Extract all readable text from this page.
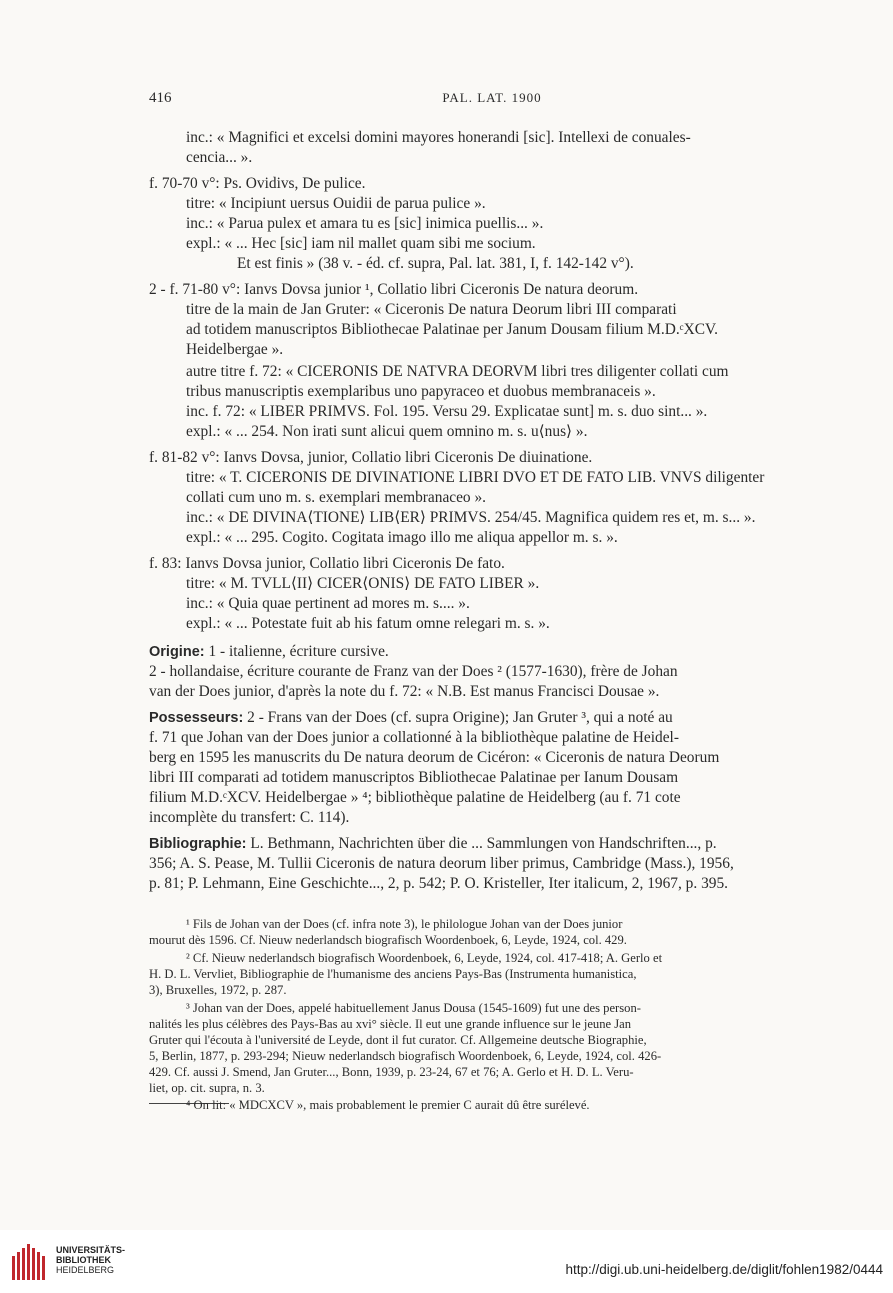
416	PAL. LAT. 1900
inc.: « Magnifici et excelsi domini mayores honerandi [sic]. Intellexi de conuales-
cencia... ».
f. 70-70 v°: Ps. Ovidivs, De pulice.
titre: « Incipiunt uersus Ouidii de parua pulice ».
inc.: « Parua pulex et amara tu es [sic] inimica puellis... ».
expl.: « ... Hec [sic] iam nil mallet quam sibi me socium.
Et est finis » (38 v. - éd. cf. supra, Pal. lat. 381, I, f. 142-142 v°).
2 - f. 71-80 v°: Ianvs Dovsa junior ¹, Collatio libri Ciceronis De natura deorum.
titre de la main de Jan Gruter: « Ciceronis De natura Deorum libri III comparati
ad totidem manuscriptos Bibliothecae Palatinae per Janum Dousam filium M.D.ᶜXCV.
Heidelbergae ».
autre titre f. 72: « CICERONIS DE NATVRA DEORVM libri tres diligenter collati cum
tribus manuscriptis exemplaribus uno papyraceo et duobus membranaceis ».
inc. f. 72: « LIBER PRIMVS. Fol. 195. Versu 29. Explicatae sunt] m. s. duo sint... ».
expl.: « ... 254. Non irati sunt alicui quem omnino m. s. u⟨nus⟩ ».
f. 81-82 v°: Ianvs Dovsa, junior, Collatio libri Ciceronis De diuinatione.
titre: « T. CICERONIS DE DIVINATIONE LIBRI DVO ET DE FATO LIB. VNVS diligenter
collati cum uno m. s. exemplari membranaceo ».
inc.: « DE DIVINA⟨TIONE⟩ LIB⟨ER⟩ PRIMVS. 254/45. Magnifica quidem res et, m. s... ».
expl.: « ... 295. Cogito. Cogitata imago illo me aliqua appellor m. s. ».
f. 83: Ianvs Dovsa junior, Collatio libri Ciceronis De fato.
titre: « M. TVLL⟨II⟩ CICER⟨ONIS⟩ DE FATO LIBER ».
inc.: « Quia quae pertinent ad mores m. s.... ».
expl.: « ... Potestate fuit ab his fatum omne relegari m. s. ».
Origine: 1 - italienne, écriture cursive.
2 - hollandaise, écriture courante de Franz van der Does ² (1577-1630), frère de Johan
van der Does junior, d'après la note du f. 72: « N.B. Est manus Francisci Dousae ».
Possesseurs: 2 - Frans van der Does (cf. supra Origine); Jan Gruter ³, qui a noté au
f. 71 que Johan van der Does junior a collationné à la bibliothèque palatine de Heidel-
berg en 1595 les manuscrits du De natura deorum de Cicéron: « Ciceronis de natura Deorum
libri III comparati ad totidem manuscriptos Bibliothecae Palatinae per Ianum Dousam
filium M.D.ᶜXCV. Heidelbergae » ⁴; bibliothèque palatine de Heidelberg (au f. 71 cote
incomplète du transfert: C. 114).
Bibliographie: L. Bethmann, Nachrichten über die ... Sammlungen von Handschriften..., p.
356; A. S. Pease, M. Tullii Ciceronis de natura deorum liber primus, Cambridge (Mass.), 1956,
p. 81; P. Lehmann, Eine Geschichte..., 2, p. 542; P. O. Kristeller, Iter italicum, 2, 1967, p. 395.
¹ Fils de Johan van der Does (cf. infra note 3), le philologue Johan van der Does junior
mourut dès 1596. Cf. Nieuw nederlandsch biografisch Woordenboek, 6, Leyde, 1924, col. 429.
² Cf. Nieuw nederlandsch biografisch Woordenboek, 6, Leyde, 1924, col. 417-418; A. Gerlo et
H. D. L. Vervliet, Bibliographie de l'humanisme des anciens Pays-Bas (Instrumenta humanistica,
3), Bruxelles, 1972, p. 287.
³ Johan van der Does, appelé habituellement Janus Dousa (1545-1609) fut une des person-
nalités les plus célèbres des Pays-Bas au xvi° siècle. Il eut une grande influence sur le jeune Jan
Gruter qui l'écouta à l'université de Leyde, dont il fut curator. Cf. Allgemeine deutsche Biographie,
5, Berlin, 1877, p. 293-294; Nieuw nederlandsch biografisch Woordenboek, 6, Leyde, 1924, col. 426-
429. Cf. aussi J. Smend, Jan Gruter..., Bonn, 1939, p. 23-24, 67 et 76; A. Gerlo et H. D. L. Veru-
liet, op. cit. supra, n. 3.
⁴ On lit: « MDCXCV », mais probablement le premier C aurait dû être surélevé.
UNIVERSITÄTS-
BIBLIOTHEK
HEIDELBERG	http://digi.ub.uni-heidelberg.de/diglit/fohlen1982/0444
